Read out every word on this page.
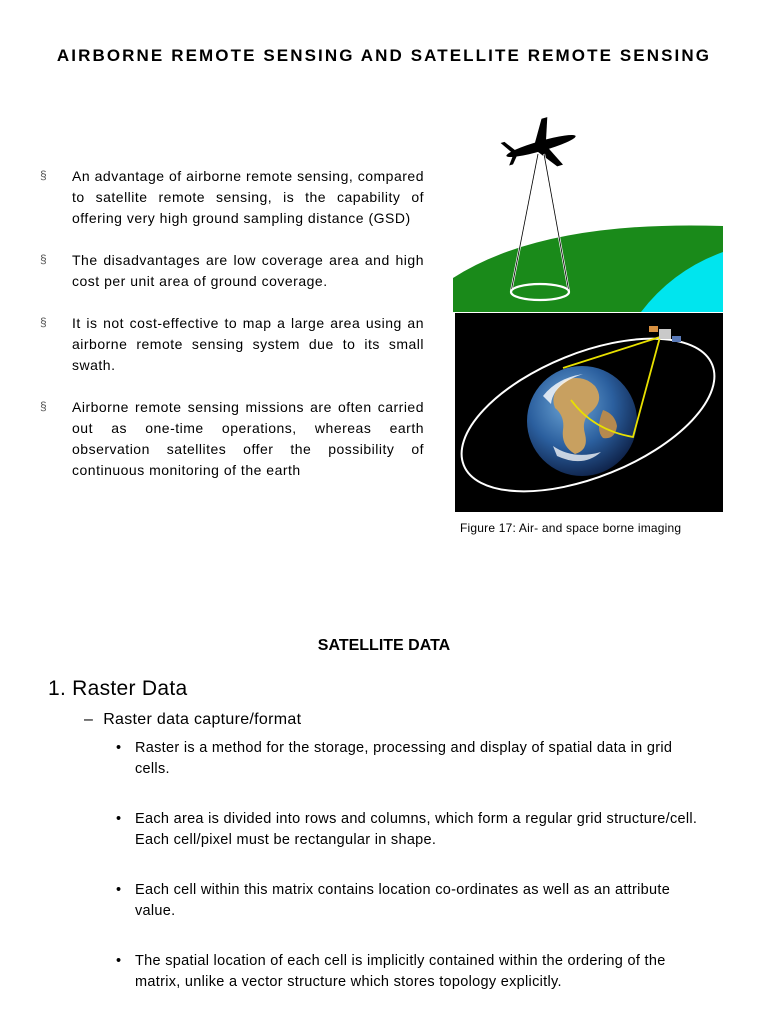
AIRBORNE REMOTE SENSING AND SATELLITE REMOTE SENSING
§	An advantage of airborne remote sensing, compared to satellite remote sensing, is the capability of offering very high ground sampling distance (GSD)
§	The disadvantages are low coverage area and high cost per unit area of ground coverage.
§	It is not cost-effective to map a large area using an airborne remote sensing system due to its small swath.
§	Airborne remote sensing missions are often carried out as one-time operations, whereas earth observation satellites offer the possibility of continuous monitoring of the earth
Figure 17: Air- and space borne imaging
SATELLITE DATA
1. Raster Data
– Raster data capture/format
• Raster is a method for the storage, processing and display of spatial data in grid cells.
• Each area is divided into rows and columns, which form a regular grid structure/cell. Each cell/pixel must be rectangular in shape.
• Each cell within this matrix contains location co-ordinates as well as an attribute value.
• The spatial location of each cell is implicitly contained within the ordering of the matrix, unlike a vector structure which stores topology explicitly.
